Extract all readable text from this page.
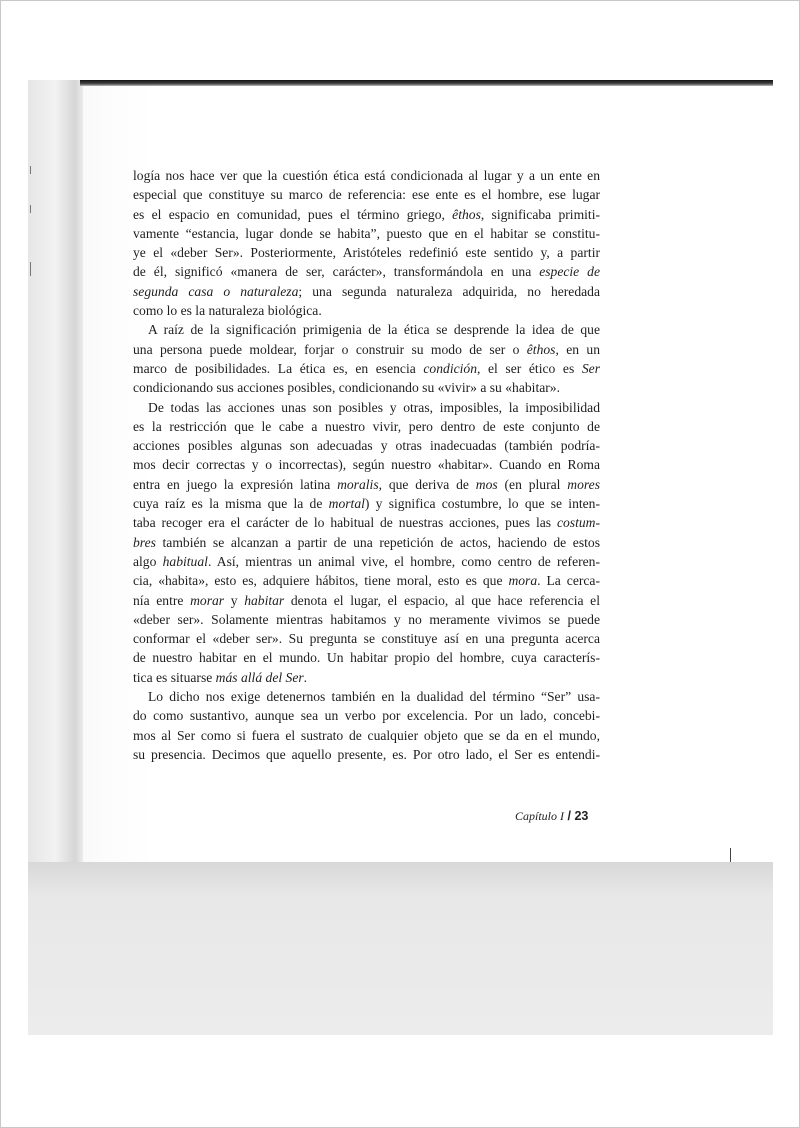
logía nos hace ver que la cuestión ética está condicionada al lugar y a un ente en
especial que constituye su marco de referencia: ese ente es el hombre, ese lugar
es el espacio en comunidad, pues el término griego, êthos, significaba primiti-
vamente “estancia, lugar donde se habita”, puesto que en el habitar se constitu-
ye el «deber Ser». Posteriormente, Aristóteles redefinió este sentido y, a partir
de él, significó «manera de ser, carácter», transformándola en una especie de
segunda casa o naturaleza; una segunda naturaleza adquirida, no heredada
como lo es la naturaleza biológica.
A raíz de la significación primigenia de la ética se desprende la idea de que
una persona puede moldear, forjar o construir su modo de ser o êthos, en un
marco de posibilidades. La ética es, en esencia condición, el ser ético es Ser
condicionando sus acciones posibles, condicionando su «vivir» a su «habitar».
De todas las acciones unas son posibles y otras, imposibles, la imposibilidad
es la restricción que le cabe a nuestro vivir, pero dentro de este conjunto de
acciones posibles algunas son adecuadas y otras inadecuadas (también podría-
mos decir correctas y o incorrectas), según nuestro «habitar». Cuando en Roma
entra en juego la expresión latina moralis, que deriva de mos (en plural mores
cuya raíz es la misma que la de mortal) y significa costumbre, lo que se inten-
taba recoger era el carácter de lo habitual de nuestras acciones, pues las costum-
bres también se alcanzan a partir de una repetición de actos, haciendo de estos
algo habitual. Así, mientras un animal vive, el hombre, como centro de referen-
cia, «habita», esto es, adquiere hábitos, tiene moral, esto es que mora. La cerca-
nía entre morar y habitar denota el lugar, el espacio, al que hace referencia el
«deber ser». Solamente mientras habitamos y no meramente vivimos se puede
conformar el «deber ser». Su pregunta se constituye así en una pregunta acerca
de nuestro habitar en el mundo. Un habitar propio del hombre, cuya caracterís-
tica es situarse más allá del Ser.
Lo dicho nos exige detenernos también en la dualidad del término “Ser” usa-
do como sustantivo, aunque sea un verbo por excelencia. Por un lado, concebi-
mos al Ser como si fuera el sustrato de cualquier objeto que se da en el mundo,
su presencia. Decimos que aquello presente, es. Por otro lado, el Ser es entendi-
Capítulo I / 23
